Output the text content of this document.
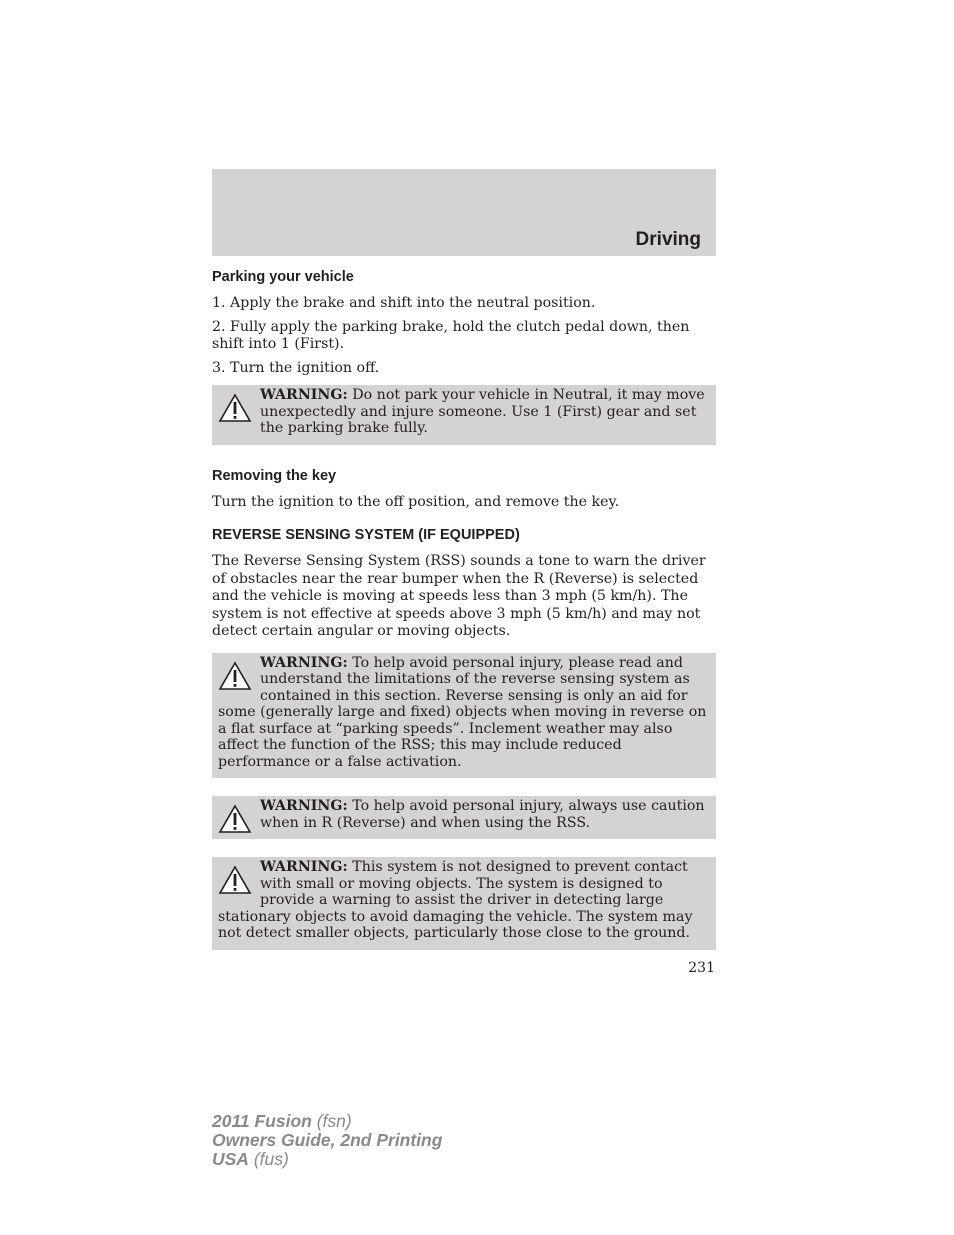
Driving
Parking your vehicle

1. Apply the brake and shift into the neutral position.

2. Fully apply the parking brake, hold the clutch pedal down, then shift into 1 (First).

3. Turn the ignition off.

WARNING: Do not park your vehicle in Neutral, it may move unexpectedly and injure someone. Use 1 (First) gear and set the parking brake fully.
Removing the key

Turn the ignition to the off position, and remove the key.

REVERSE SENSING SYSTEM (IF EQUIPPED)

The Reverse Sensing System (RSS) sounds a tone to warn the driver of obstacles near the rear bumper when the R (Reverse) is selected and the vehicle is moving at speeds less than 3 mph (5 km/h). The system is not effective at speeds above 3 mph (5 km/h) and may not detect certain angular or moving objects.

WARNING: To help avoid personal injury, please read and understand the limitations of the reverse sensing system as contained in this section. Reverse sensing is only an aid for some (generally large and fixed) objects when moving in reverse on a flat surface at “parking speeds”. Inclement weather may also affect the function of the RSS; this may include reduced performance or a false activation.
WARNING: To help avoid personal injury, always use caution when in R (Reverse) and when using the RSS.
WARNING: This system is not designed to prevent contact with small or moving objects. The system is designed to provide a warning to assist the driver in detecting large stationary objects to avoid damaging the vehicle. The system may not detect smaller objects, particularly those close to the ground.
231
2011 Fusion (fsn)
Owners Guide, 2nd Printing
USA (fus)
